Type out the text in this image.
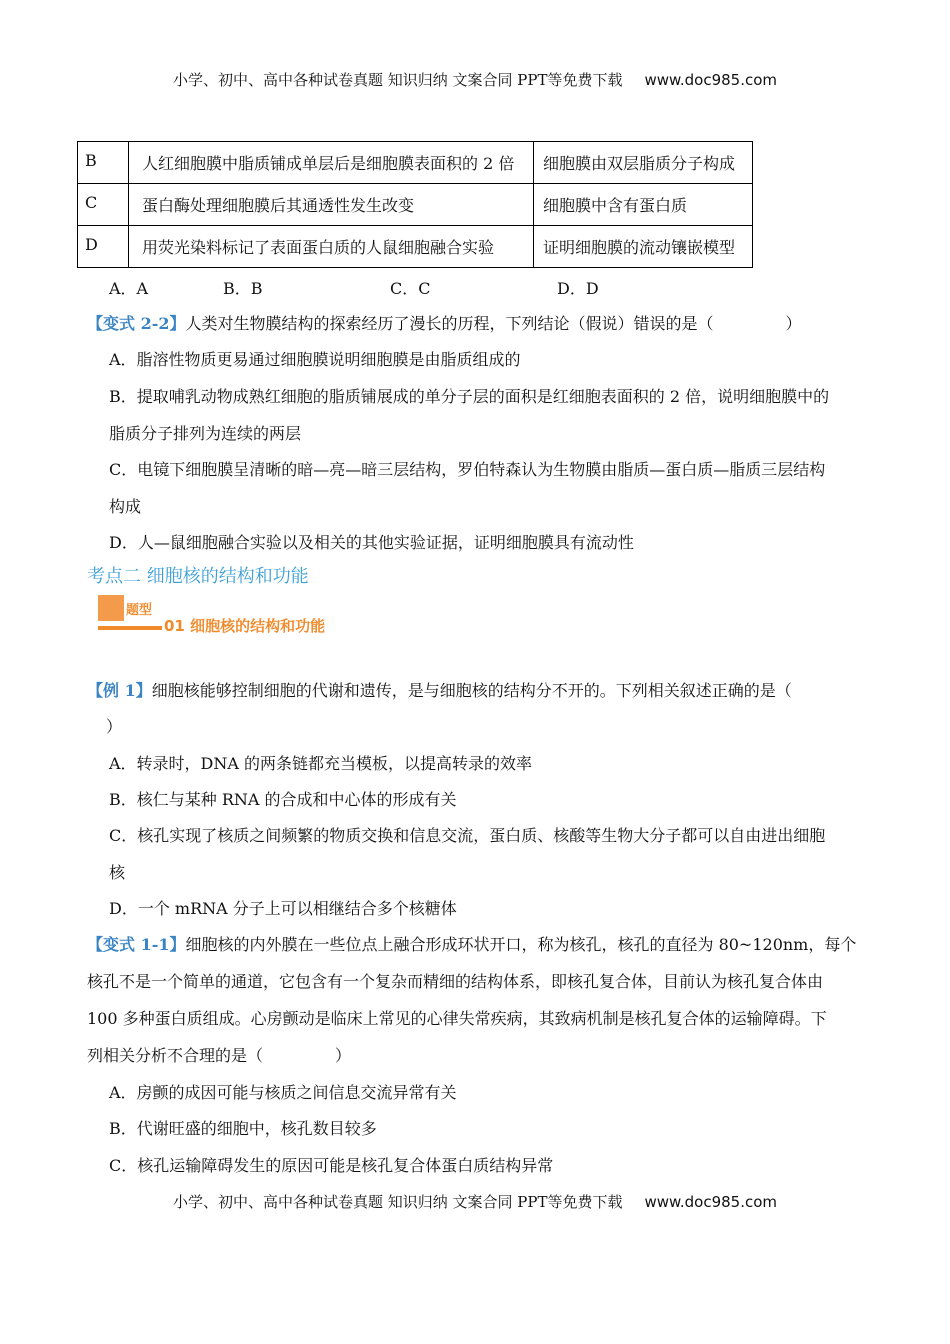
小学、初中、高中各种试卷真题 知识归纳 文案合同 PPT等免费下载 www.doc985.com
B	人红细胞膜中脂质铺成单层后是细胞膜表面积的 2 倍	细胞膜由双层脂质分子构成
C	蛋白酶处理细胞膜后其通透性发生改变	细胞膜中含有蛋白质
D	用荧光染料标记了表面蛋白质的人鼠细胞融合实验	证明细胞膜的流动镶嵌模型
A．A	B．B	C．C	D．D
【变式 2-2】人类对生物膜结构的探索经历了漫长的历程，下列结论（假说）错误的是（	）
A．脂溶性物质更易通过细胞膜说明细胞膜是由脂质组成的
B．提取哺乳动物成熟红细胞的脂质铺展成的单分子层的面积是红细胞表面积的 2 倍，说明细胞膜中的
脂质分子排列为连续的两层
C．电镜下细胞膜呈清晰的暗—亮—暗三层结构，罗伯特森认为生物膜由脂质—蛋白质—脂质三层结构
构成
D．人—鼠细胞融合实验以及相关的其他实验证据，证明细胞膜具有流动性
考点二 细胞核的结构和功能
题型
01 细胞核的结构和功能
【例 1】细胞核能够控制细胞的代谢和遗传，是与细胞核的结构分不开的。下列相关叙述正确的是（
）
A．转录时，DNA 的两条链都充当模板，以提高转录的效率
B．核仁与某种 RNA 的合成和中心体的形成有关
C．核孔实现了核质之间频繁的物质交换和信息交流，蛋白质、核酸等生物大分子都可以自由进出细胞
核
D．一个 mRNA 分子上可以相继结合多个核糖体
【变式 1-1】细胞核的内外膜在一些位点上融合形成环状开口，称为核孔，核孔的直径为 80~120nm，每个
核孔不是一个简单的通道，它包含有一个复杂而精细的结构体系，即核孔复合体，目前认为核孔复合体由
100 多种蛋白质组成。心房颤动是临床上常见的心律失常疾病，其致病机制是核孔复合体的运输障碍。下
列相关分析不合理的是（	）
A．房颤的成因可能与核质之间信息交流异常有关
B．代谢旺盛的细胞中，核孔数目较多
C．核孔运输障碍发生的原因可能是核孔复合体蛋白质结构异常
小学、初中、高中各种试卷真题 知识归纳 文案合同 PPT等免费下载 www.doc985.com
